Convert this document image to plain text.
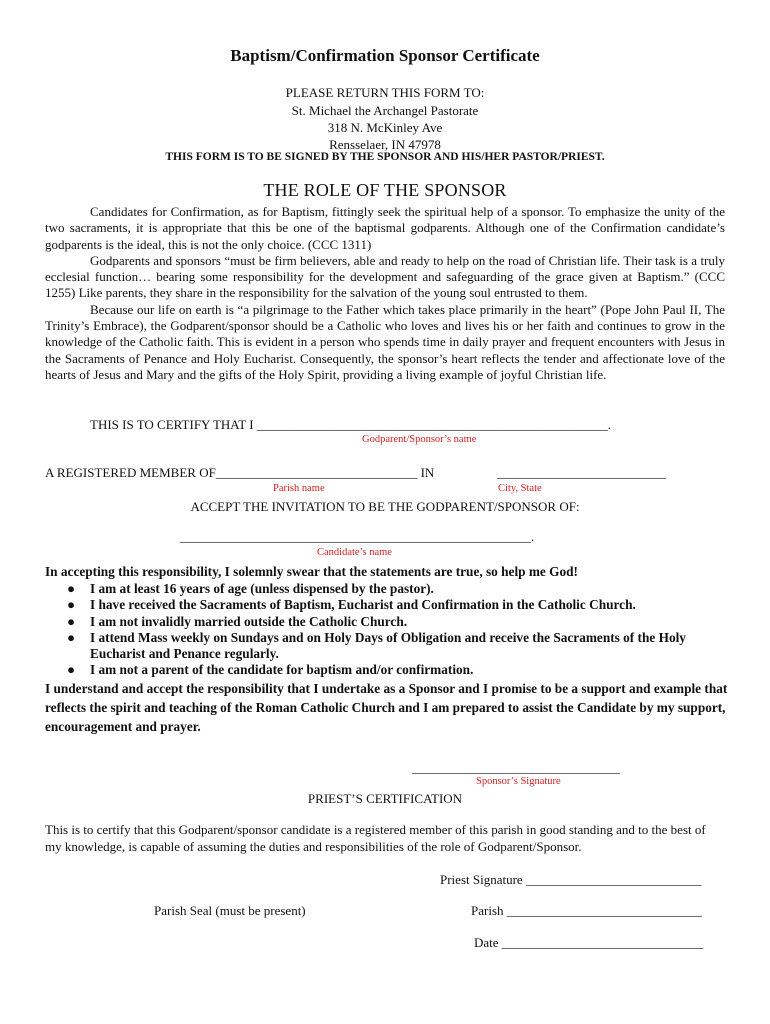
Baptism/Confirmation Sponsor Certificate
PLEASE RETURN THIS FORM TO:
St. Michael the Archangel Pastorate
318 N. McKinley Ave
Rensselaer, IN 47978
THIS FORM IS TO BE SIGNED BY THE SPONSOR AND HIS/HER PASTOR/PRIEST.
THE ROLE OF THE SPONSOR

Candidates for Confirmation, as for Baptism, fittingly seek the spiritual help of a sponsor. To emphasize the unity of the two sacraments, it is appropriate that this be one of the baptismal godparents. Although one of the Confirmation candidate’s godparents is the ideal, this is not the only choice. (CCC 1311)

Godparents and sponsors “must be firm believers, able and ready to help on the road of Christian life. Their task is a truly ecclesial function… bearing some responsibility for the development and safeguarding of the grace given at Baptism.” (CCC 1255) Like parents, they share in the responsibility for the salvation of the young soul entrusted to them.

Because our life on earth is “a pilgrimage to the Father which takes place primarily in the heart” (Pope John Paul II, The Trinity’s Embrace), the Godparent/sponsor should be a Catholic who loves and lives his or her faith and continues to grow in the knowledge of the Catholic faith. This is evident in a person who spends time in daily prayer and frequent encounters with Jesus in the Sacraments of Penance and Holy Eucharist. Consequently, the sponsor’s heart reflects the tender and affectionate love of the hearts of Jesus and Mary and the gifts of the Holy Spirit, providing a living example of joyful Christian life.

THIS IS TO CERTIFY THAT I ______________________________________________________.
Godparent/Sponsor’s name
A REGISTERED MEMBER OF_______________________________ IN	__________________________
Parish name	City, State
ACCEPT THE INVITATION TO BE THE GODPARENT/SPONSOR OF:
______________________________________________________.
Candidate’s name
In accepting this responsibility, I solemnly swear that the statements are true, so help me God!
● I am at least 16 years of age (unless dispensed by the pastor).
● I have received the Sacraments of Baptism, Eucharist and Confirmation in the Catholic Church.
● I am not invalidly married outside the Catholic Church.
● I attend Mass weekly on Sundays and on Holy Days of Obligation and receive the Sacraments of the Holy Eucharist and Penance regularly.
● I am not a parent of the candidate for baptism and/or confirmation.
I understand and accept the responsibility that I undertake as a Sponsor and I promise to be a support and example that reflects the spirit and teaching of the Roman Catholic Church and I am prepared to assist the Candidate by my support, encouragement and prayer.
________________________________
Sponsor’s Signature
PRIEST’S CERTIFICATION
This is to certify that this Godparent/sponsor candidate is a registered member of this parish in good standing and to the best of my knowledge, is capable of assuming the duties and responsibilities of the role of Godparent/Sponsor.
Priest Signature ___________________________
Parish Seal (must be present)	Parish ______________________________
Date _______________________________
